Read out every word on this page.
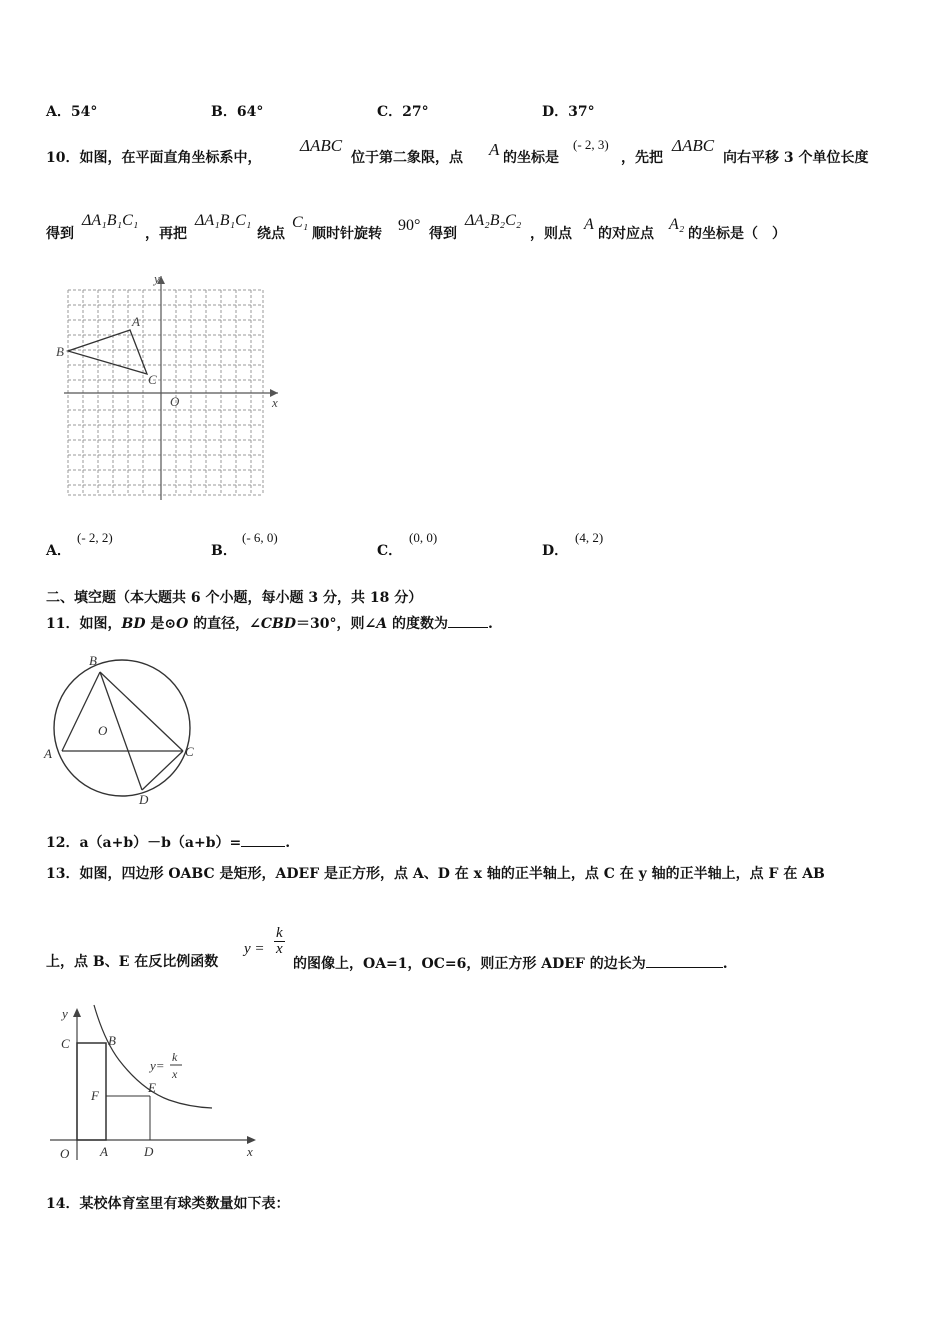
A．54°	B．64°	C．27°	D．37°
10．如图，在平面直角坐标系中，
ΔABC
位于第二象限，点 A 的坐标是
(- 2, 3)
，先把
ΔABC
向右平移 3 个单位长度
得到
ΔA₁B₁C₁
，再把
ΔA₁B₁C₁
绕点
C₁
顺时针旋转 90° 得到
ΔA₂B₂C₂
，则点
A
的对应点
A₂
的坐标是（　）
y
x
A
B
C
O
A．
(- 2, 2)
B．
(- 6, 0)
C．
(0, 0)
D．
(4, 2)
二、填空题（本大题共 6 个小题，每小题 3 分，共 18 分）
11．如图，BD 是⊙O 的直径，∠CBD＝30°，则∠A 的度数为	.
B
A	C
D
O
12．a（a+b）－b（a+b）=	.
13．如图，四边形 OABC 是矩形，ADEF 是正方形，点 A、D 在 x 轴的正半轴上，点 C 在 y 轴的正半轴上，点 F 在 AB
上，点 B、E 在反比例函数
$y = \frac{k}{x}$
的图像上，OA=1，OC=6，则正方形 ADEF 的边长为	.
y
x
C	B
F
E
O A	D
y=
k
x
14．某校体育室里有球类数量如下表：
